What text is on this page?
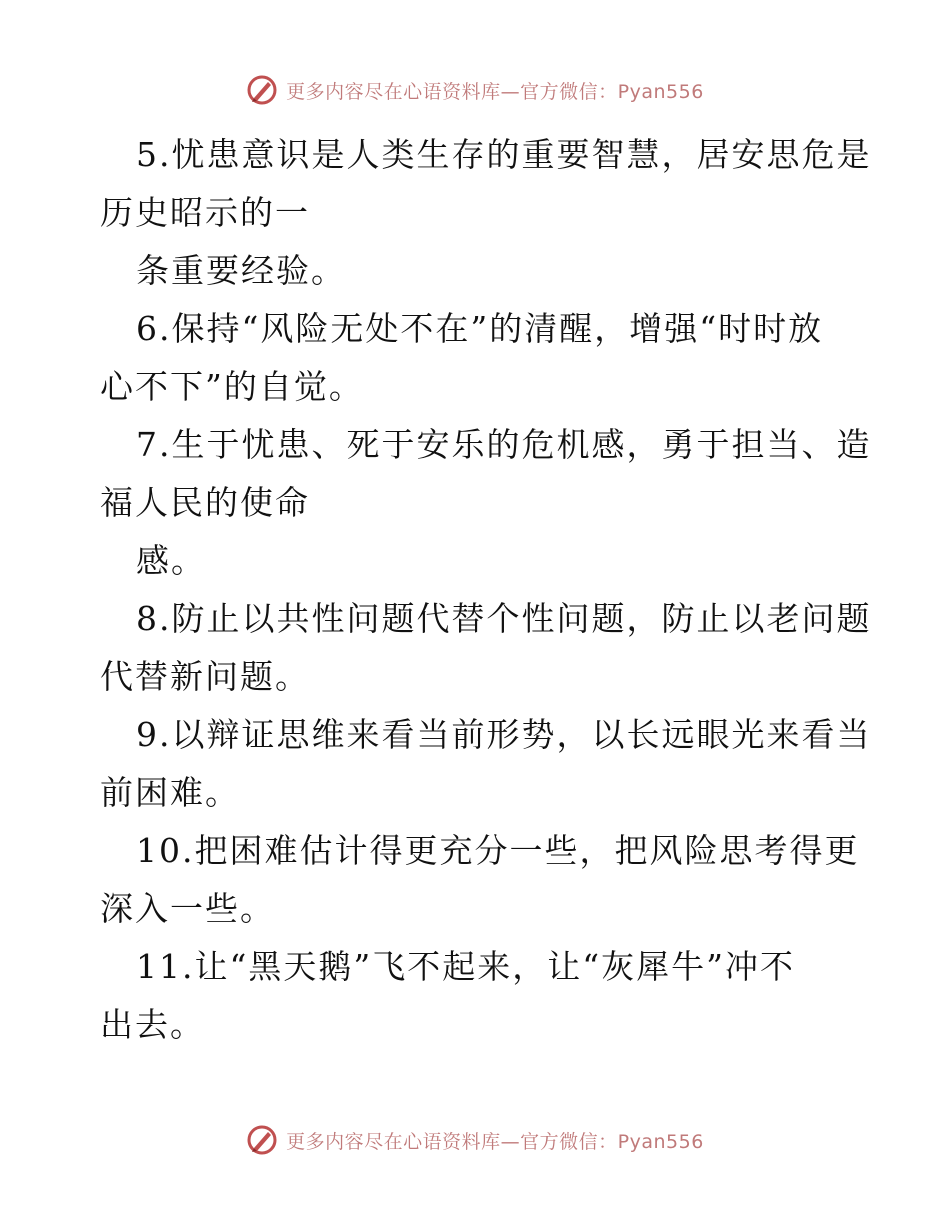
更多内容尽在心语资料库—官方微信：Pyan556
5.忧患意识是人类生存的重要智慧，居安思危是
历史昭示的一
条重要经验。
6.保持“风险无处不在”的清醒，增强“时时放
心不下”的自觉。
7.生于忧患、死于安乐的危机感，勇于担当、造
福人民的使命
感。
8.防止以共性问题代替个性问题，防止以老问题
代替新问题。
9.以辩证思维来看当前形势，以长远眼光来看当
前困难。
10.把困难估计得更充分一些，把风险思考得更
深入一些。
11.让“黑天鹅”飞不起来，让“灰犀牛”冲不
出去。
更多内容尽在心语资料库—官方微信：Pyan556
